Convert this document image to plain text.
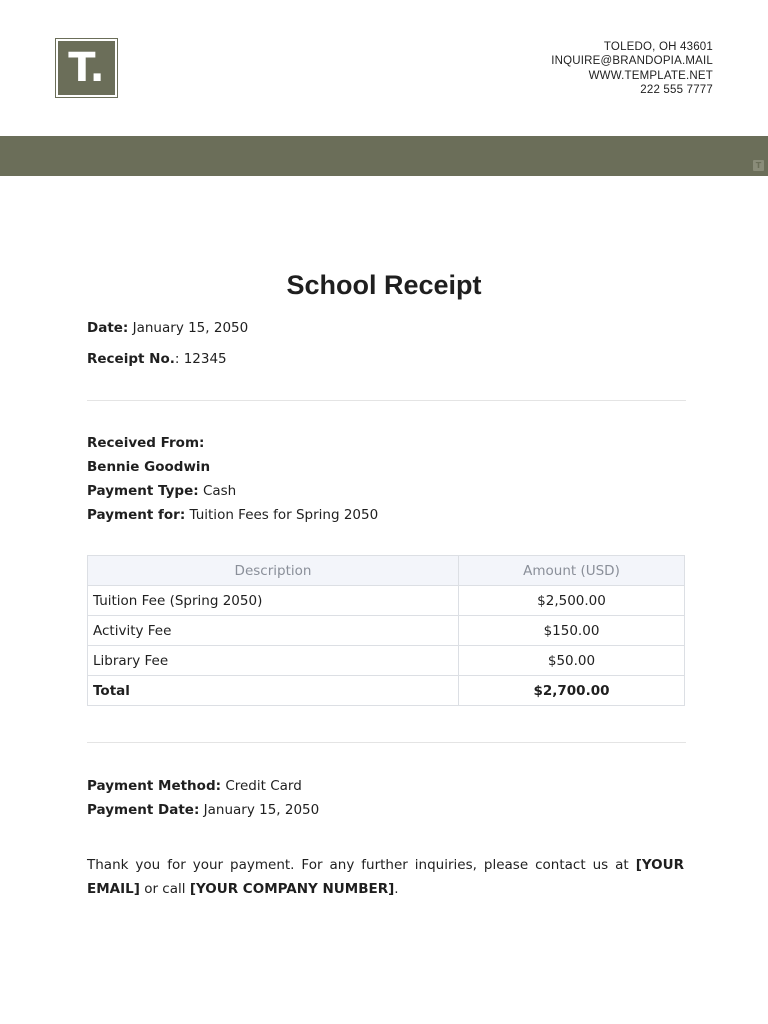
T.	TOLEDO, OH 43601
INQUIRE@BRANDOPIA.MAIL
WWW.TEMPLATE.NET
222 555 7777
T
School Receipt
Date: January 15, 2050
Receipt No.: 12345
Received From:
Bennie Goodwin
Payment Type: Cash
Payment for: Tuition Fees for Spring 2050
Description	Amount (USD)
Tuition Fee (Spring 2050)	$2,500.00
Activity Fee	$150.00
Library Fee	$50.00
Total	$2,700.00
Payment Method: Credit Card
Payment Date: January 15, 2050
Thank you for your payment. For any further inquiries, please contact us at [YOUR EMAIL] or call [YOUR COMPANY NUMBER].
